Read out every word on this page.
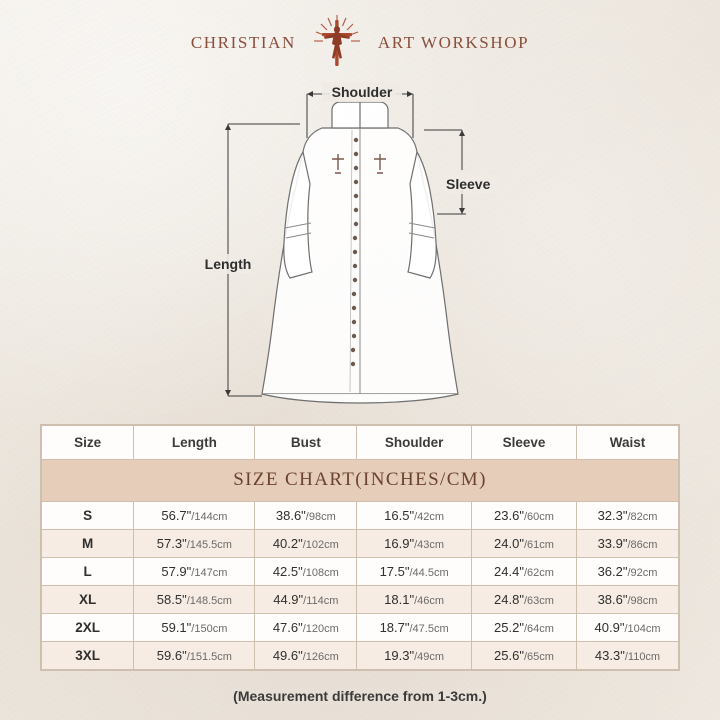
CHRISTIAN	ART WORKSHOP
Shoulder
Length
Sleeve
SIZE CHART(INCHES/CM)					
Size	Length	Bust	Shoulder	Sleeve	Waist
S	56.7"/144cm	38.6"/98cm	16.5"/42cm	23.6"/60cm	32.3"/82cm
M	57.3"/145.5cm	40.2"/102cm	16.9"/43cm	24.0"/61cm	33.9"/86cm
L	57.9"/147cm	42.5"/108cm	17.5"/44.5cm	24.4"/62cm	36.2"/92cm
XL	58.5"/148.5cm	44.9"/114cm	18.1"/46cm	24.8"/63cm	38.6"/98cm
2XL	59.1"/150cm	47.6"/120cm	18.7"/47.5cm	25.2"/64cm	40.9"/104cm
3XL	59.6"/151.5cm	49.6"/126cm	19.3"/49cm	25.6"/65cm	43.3"/110cm
(Measurement difference from 1-3cm.)
